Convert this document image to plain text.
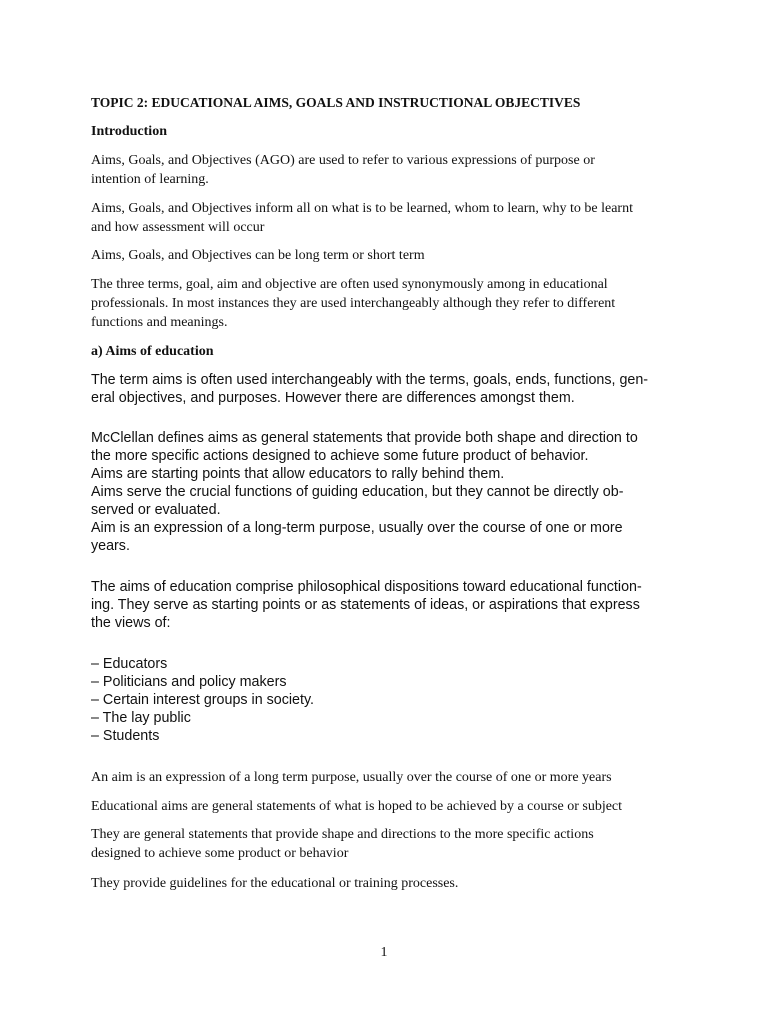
TOPIC 2: EDUCATIONAL AIMS, GOALS AND INSTRUCTIONAL OBJECTIVES

Introduction

Aims, Goals, and Objectives (AGO) are used to refer to various expressions of purpose or
intention of learning.

Aims, Goals, and Objectives inform all on what is to be learned, whom to learn, why to be learnt
and how assessment will occur

Aims, Goals, and Objectives can be long term or short term

The three terms, goal, aim and objective are often used synonymously among in educational
professionals. In most instances they are used interchangeably although they refer to different
functions and meanings.

a) Aims of education

The term aims is often used interchangeably with the terms, goals, ends, functions, gen-
eral objectives, and purposes. However there are differences amongst them.

McClellan defines aims as general statements that provide both shape and direction to
the more specific actions designed to achieve some future product of behavior.
Aims are starting points that allow educators to rally behind them.
Aims serve the crucial functions of guiding education, but they cannot be directly ob-
served or evaluated.
Aim is an expression of a long-term purpose, usually over the course of one or more
years.

The aims of education comprise philosophical dispositions toward educational function-
ing. They serve as starting points or as statements of ideas, or aspirations that express
the views of:

– Educators
– Politicians and policy makers
– Certain interest groups in society.
– The lay public
– Students

An aim is an expression of a long term purpose, usually over the course of one or more years

Educational aims are general statements of what is hoped to be achieved by a course or subject

They are general statements that provide shape and directions to the more specific actions
designed to achieve some product or behavior

They provide guidelines for the educational or training processes.

1
